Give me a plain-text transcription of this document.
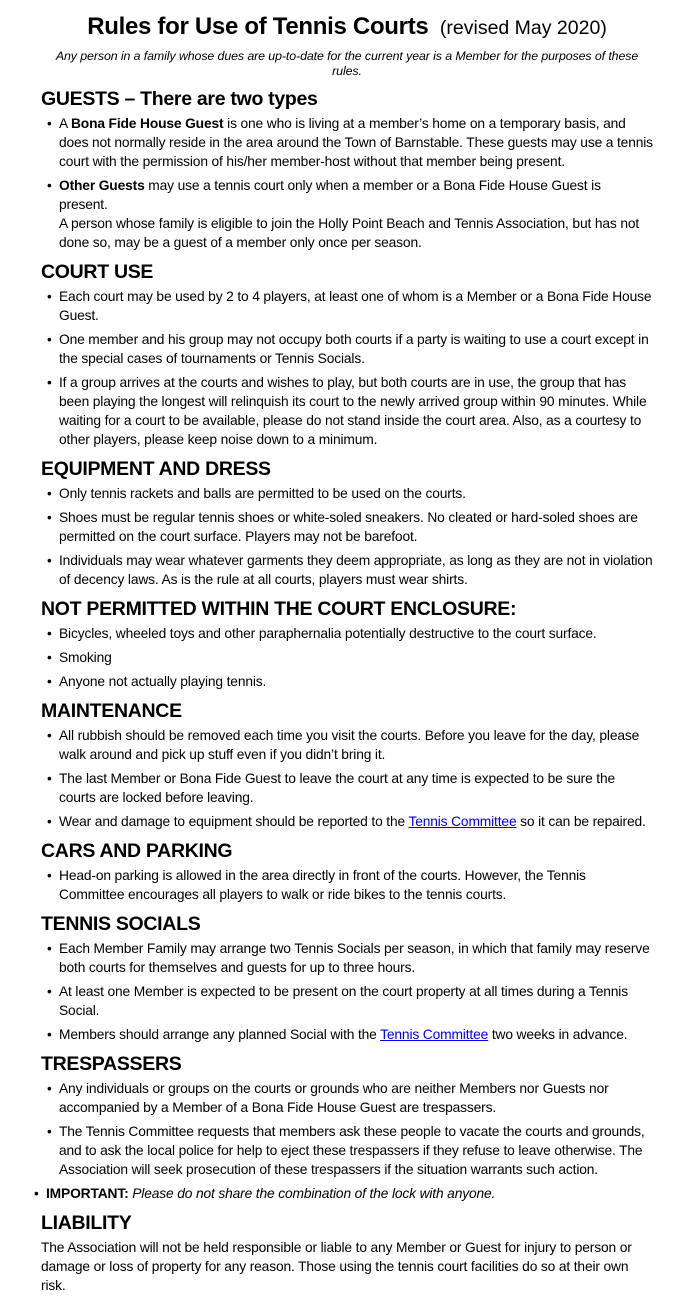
Rules for Use of Tennis Courts (revised May 2020)
Any person in a family whose dues are up-to-date for the current year is a Member for the purposes of these rules.
GUESTS – There are two types
• A Bona Fide House Guest is one who is living at a member’s home on a temporary basis, and does not normally reside in the area around the Town of Barnstable. These guests may use a tennis court with the permission of his/her member-host without that member being present.
• Other Guests may use a tennis court only when a member or a Bona Fide House Guest is present.
A person whose family is eligible to join the Holly Point Beach and Tennis Association, but has not done so, may be a guest of a member only once per season.
COURT USE
• Each court may be used by 2 to 4 players, at least one of whom is a Member or a Bona Fide House Guest.
• One member and his group may not occupy both courts if a party is waiting to use a court except in the special cases of tournaments or Tennis Socials.
• If a group arrives at the courts and wishes to play, but both courts are in use, the group that has been playing the longest will relinquish its court to the newly arrived group within 90 minutes. While waiting for a court to be available, please do not stand inside the court area. Also, as a courtesy to other players, please keep noise down to a minimum.
EQUIPMENT AND DRESS
• Only tennis rackets and balls are permitted to be used on the courts.
• Shoes must be regular tennis shoes or white-soled sneakers. No cleated or hard-soled shoes are permitted on the court surface. Players may not be barefoot.
• Individuals may wear whatever garments they deem appropriate, as long as they are not in violation of decency laws. As is the rule at all courts, players must wear shirts.
NOT PERMITTED WITHIN THE COURT ENCLOSURE:
• Bicycles, wheeled toys and other paraphernalia potentially destructive to the court surface.
• Smoking
• Anyone not actually playing tennis.
MAINTENANCE
• All rubbish should be removed each time you visit the courts. Before you leave for the day, please walk around and pick up stuff even if you didn’t bring it.
• The last Member or Bona Fide Guest to leave the court at any time is expected to be sure the courts are locked before leaving.
• Wear and damage to equipment should be reported to the Tennis Committee so it can be repaired.
CARS AND PARKING
• Head-on parking is allowed in the area directly in front of the courts. However, the Tennis Committee encourages all players to walk or ride bikes to the tennis courts.
TENNIS SOCIALS
• Each Member Family may arrange two Tennis Socials per season, in which that family may reserve both courts for themselves and guests for up to three hours.
• At least one Member is expected to be present on the court property at all times during a Tennis Social.
• Members should arrange any planned Social with the Tennis Committee two weeks in advance.
TRESPASSERS
• Any individuals or groups on the courts or grounds who are neither Members nor Guests nor accompanied by a Member of a Bona Fide House Guest are trespassers.
• The Tennis Committee requests that members ask these people to vacate the courts and grounds, and to ask the local police for help to eject these trespassers if they refuse to leave otherwise. The Association will seek prosecution of these trespassers if the situation warrants such action.
• IMPORTANT: Please do not share the combination of the lock with anyone.
LIABILITY

The Association will not be held responsible or liable to any Member or Guest for injury to person or damage or loss of property for any reason. Those using the tennis court facilities do so at their own risk.
